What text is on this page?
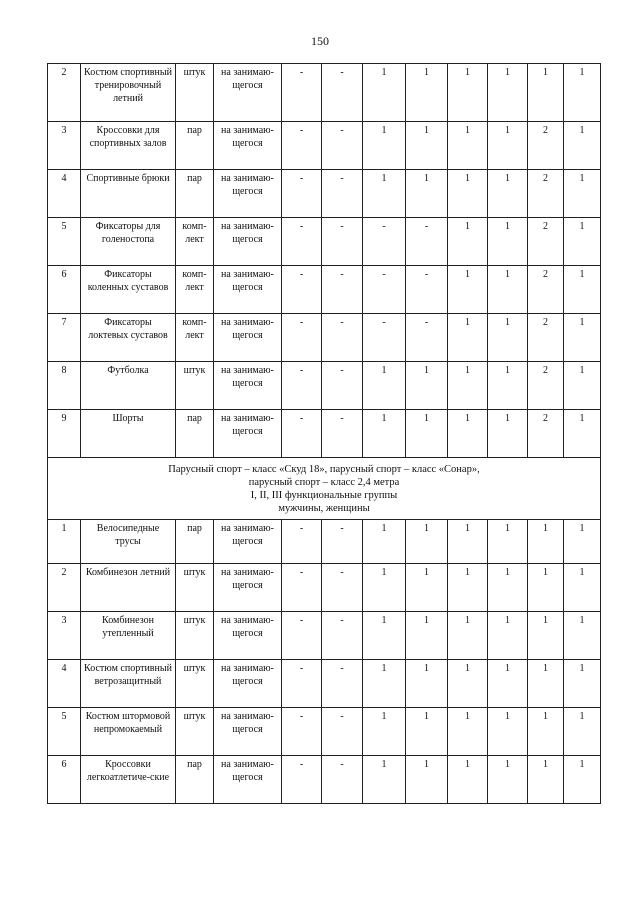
150
2	Костюм спортивный тренировочный летний	штук	на занимаю-щегося	-	-	1	1	1	1	1	1
3	Кроссовки для спортивных залов	пар	на занимаю-щегося	-	-	1	1	1	1	2	1
4	Спортивные брюки	пар	на занимаю-щегося	-	-	1	1	1	1	2	1
5	Фиксаторы для голеностопа	комп-лект	на занимаю-щегося	-	-	-	-	1	1	2	1
6	Фиксаторы коленных суставов	комп-лект	на занимаю-щегося	-	-	-	-	1	1	2	1
7	Фиксаторы локтевых суставов	комп-лект	на занимаю-щегося	-	-	-	-	1	1	2	1
8	Футболка	штук	на занимаю-щегося	-	-	1	1	1	1	2	1
9	Шорты	пар	на занимаю-щегося	-	-	1	1	1	1	2	1

Парусный спорт – класс «Скуд 18», парусный спорт – класс «Сонар»,
парусный спорт – класс 2,4 метра
I, II, III функциональные группы
мужчины, женщины											

1	Велосипедные трусы	пар	на занимаю-щегося	-	-	1	1	1	1	1	1
2	Комбинезон летний	штук	на занимаю-щегося	-	-	1	1	1	1	1	1
3	Комбинезон утепленный	штук	на занимаю-щегося	-	-	1	1	1	1	1	1
4	Костюм спортивный ветрозащитный	штук	на занимаю-щегося	-	-	1	1	1	1	1	1
5	Костюм штормовой непромокаемый	штук	на занимаю-щегося	-	-	1	1	1	1	1	1
6	Кроссовки легкоатлетиче-ские	пар	на занимаю-щегося	-	-	1	1	1	1	1	1
